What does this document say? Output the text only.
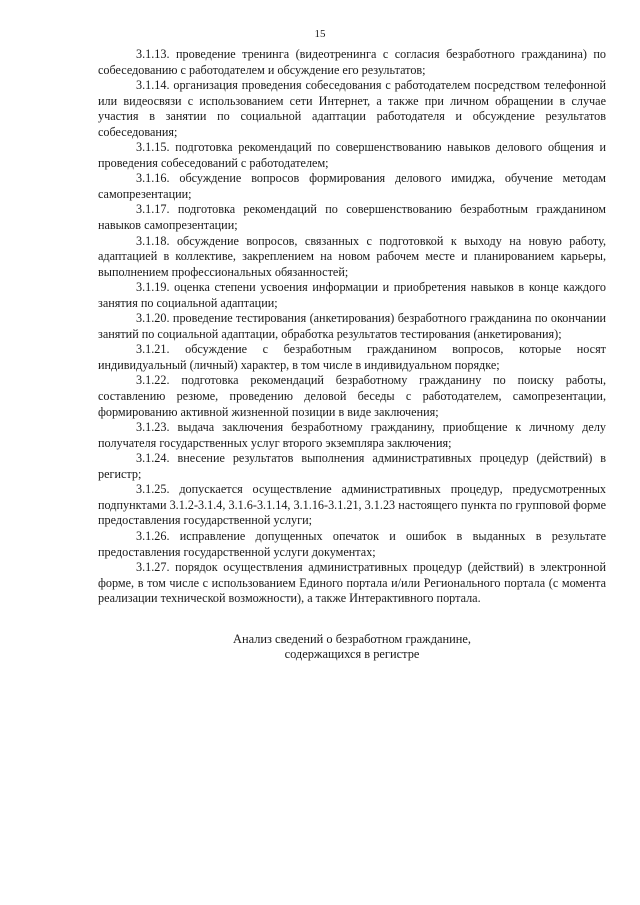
15

3.1.13. проведение тренинга (видеотренинга с согласия безработного гражданина) по собеседованию с работодателем и обсуждение его результатов;

3.1.14. организация проведения собеседования с работодателем посредством телефонной или видеосвязи с использованием сети Интернет, а также при личном обращении в случае участия в занятии по социальной адаптации работодателя и обсуждение результатов собеседования;

3.1.15. подготовка рекомендаций по совершенствованию навыков делового общения и проведения собеседований с работодателем;

3.1.16. обсуждение вопросов формирования делового имиджа, обучение методам самопрезентации;

3.1.17. подготовка рекомендаций по совершенствованию безработным гражданином навыков самопрезентации;

3.1.18. обсуждение вопросов, связанных с подготовкой к выходу на новую работу, адаптацией в коллективе, закреплением на новом рабочем месте и планированием карьеры, выполнением профессиональных обязанностей;

3.1.19. оценка степени усвоения информации и приобретения навыков в конце каждого занятия по социальной адаптации;

3.1.20. проведение тестирования (анкетирования) безработного гражданина по окончании занятий по социальной адаптации, обработка результатов тестирования (анкетирования);

3.1.21. обсуждение с безработным гражданином вопросов, которые носят индивидуальный (личный) характер, в том числе в индивидуальном порядке;

3.1.22. подготовка рекомендаций безработному гражданину по поиску работы, составлению резюме, проведению деловой беседы с работодателем, самопрезентации, формированию активной жизненной позиции в виде заключения;

3.1.23. выдача заключения безработному гражданину, приобщение к личному делу получателя государственных услуг второго экземпляра заключения;

3.1.24. внесение результатов выполнения административных процедур (действий) в регистр;

3.1.25. допускается осуществление административных процедур, предусмотренных подпунктами 3.1.2-3.1.4, 3.1.6-3.1.14, 3.1.16-3.1.21, 3.1.23 настоящего пункта по групповой форме предоставления государственной услуги;

3.1.26. исправление допущенных опечаток и ошибок в выданных в результате предоставления государственной услуги документах;

3.1.27. порядок осуществления административных процедур (действий) в электронной форме, в том числе с использованием Единого портала и/или Регионального портала (с момента реализации технической возможности), а также Интерактивного портала.

Анализ сведений о безработном гражданине,
содержащихся в регистре
